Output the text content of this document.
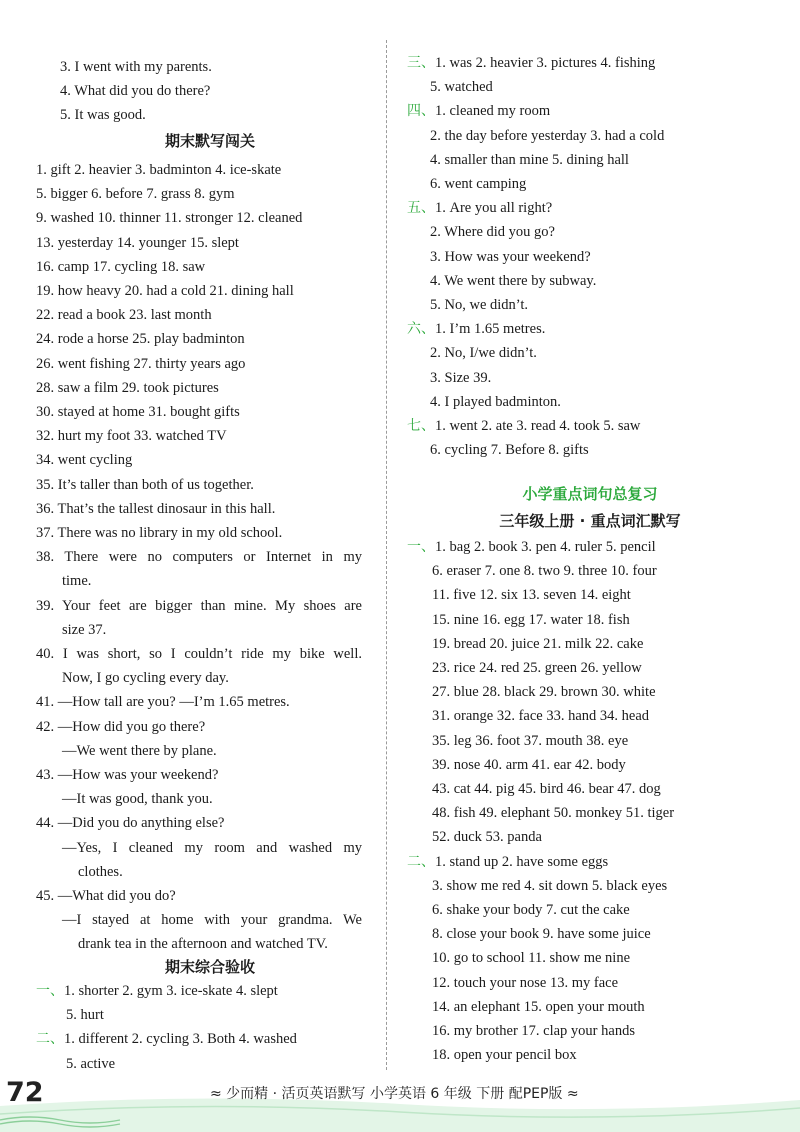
3. I went with my parents.
4. What did you do there?
5. It was good.
期末默写闯关
1. gift 2. heavier 3. badminton 4. ice-skate
5. bigger 6. before 7. grass 8. gym
9. washed 10. thinner 11. stronger 12. cleaned
13. yesterday 14. younger 15. slept
16. camp 17. cycling 18. saw
19. how heavy 20. had a cold 21. dining hall
22. read a book 23. last month
24. rode a horse 25. play badminton
26. went fishing 27. thirty years ago
28. saw a film 29. took pictures
30. stayed at home 31. bought gifts
32. hurt my foot 33. watched TV
34. went cycling
35. It’s taller than both of us together.
36. That’s the tallest dinosaur in this hall.
37. There was no library in my old school.
38. There were no computers or Internet in my
time.
39. Your feet are bigger than mine. My shoes are
size 37.
40. I was short, so I couldn’t ride my bike well.
Now, I go cycling every day.
41. —How tall are you? —I’m 1.65 metres.
42. —How did you go there?
—We went there by plane.
43. —How was your weekend?
—It was good, thank you.
44. —Did you do anything else?
—Yes, I cleaned my room and washed my
clothes.
45. —What did you do?
—I stayed at home with your grandma. We
drank tea in the afternoon and watched TV.
期末综合验收
一、1. shorter 2. gym 3. ice-skate 4. slept
5. hurt
二、1. different 2. cycling 3. Both 4. washed
5. active
三、1. was 2. heavier 3. pictures 4. fishing
5. watched
四、1. cleaned my room
2. the day before yesterday 3. had a cold
4. smaller than mine 5. dining hall
6. went camping
五、1. Are you all right?
2. Where did you go?
3. How was your weekend?
4. We went there by subway.
5. No, we didn’t.
六、1. I’m 1.65 metres.
2. No, I/we didn’t.
3. Size 39.
4. I played badminton.
七、1. went 2. ate 3. read 4. took 5. saw
6. cycling 7. Before 8. gifts
小学重点词句总复习
三年级上册 · 重点词汇默写
一、1. bag 2. book 3. pen 4. ruler 5. pencil
6. eraser 7. one 8. two 9. three 10. four
11. five 12. six 13. seven 14. eight
15. nine 16. egg 17. water 18. fish
19. bread 20. juice 21. milk 22. cake
23. rice 24. red 25. green 26. yellow
27. blue 28. black 29. brown 30. white
31. orange 32. face 33. hand 34. head
35. leg 36. foot 37. mouth 38. eye
39. nose 40. arm 41. ear 42. body
43. cat 44. pig 45. bird 46. bear 47. dog
48. fish 49. elephant 50. monkey 51. tiger
52. duck 53. panda
二、1. stand up 2. have some eggs
3. show me red 4. sit down 5. black eyes
6. shake your body 7. cut the cake
8. close your book 9. have some juice
10. go to school 11. show me nine
12. touch your nose 13. my face
14. an elephant 15. open your mouth
16. my brother 17. clap your hands
18. open your pencil box
72	≈ 少而精 · 活页英语默写 小学英语 6 年级 下册 配PEP版 ≈
